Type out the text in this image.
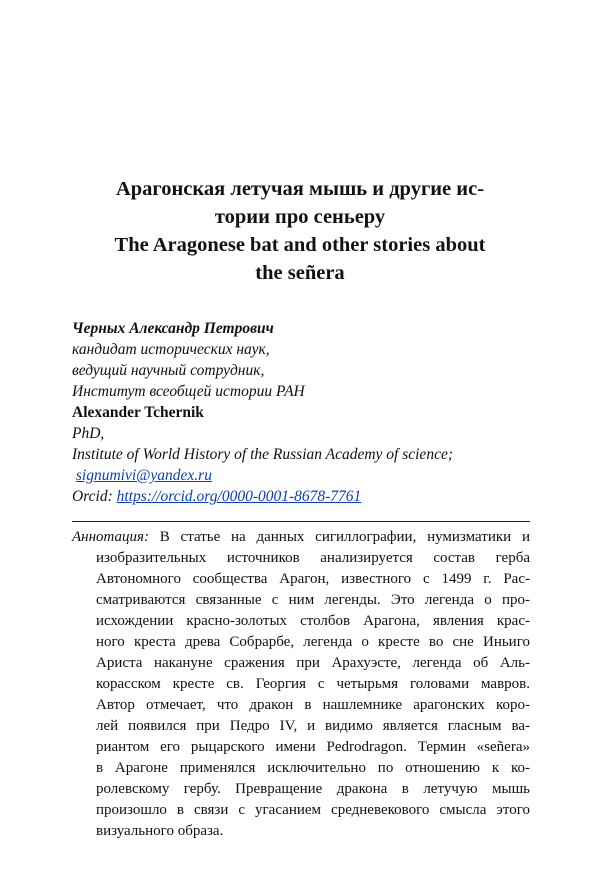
Арагонская летучая мышь и другие ис-
тории про сеньеру
The Aragonese bat and other stories about
the señera
Черных Александр Петрович
кандидат исторических наук,
ведущий научный сотрудник,
Институт всеобщей истории РАН
Alexander Tchernik
PhD,
Institute of World History of the Russian Academy of science;
signumivi@yandex.ru
Orcid: https://orcid.org/0000-0001-8678-7761
Аннотация: В статье на данных сигиллографии, нумизматики и
изобразительных источников анализируется состав герба
Автономного сообщества Арагон, известного с 1499 г. Рас-
сматриваются связанные с ним легенды. Это легенда о про-
исхождении красно-золотых столбов Арагона, явления крас-
ного креста древа Собрарбе, легенда о кресте во сне Иньиго
Ариста накануне сражения при Арахуэсте, легенда об Аль-
корасском кресте св. Георгия с четырьмя головами мавров.
Автор отмечает, что дракон в нашлемнике арагонских коро-
лей появился при Педро IV, и видимо является гласным ва-
риантом его рыцарского имени Pedrodragon. Термин «señera»
в Арагоне применялся исключительно по отношению к ко-
ролевскому гербу. Превращение дракона в летучую мышь
произошло в связи с угасанием средневекового смысла этого
визуального образа.
